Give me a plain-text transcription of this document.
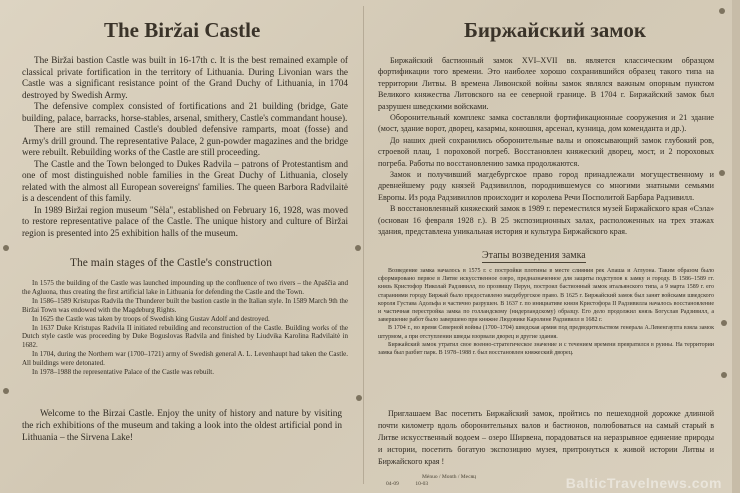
The Biržai Castle

The Biržai bastion Castle was built in 16-17th c. It is the best remained example of classical private fortification in the territory of Lithuania. During Livonian wars the Castle was a significant resistance point of the Grand Duchy of Lithuania, in 1704 destroyed by Swedish Army.

The defensive complex consisted of fortifications and 21 building (bridge, Gate building, palace, barracks, horse-stables, arsenal, smithery, Castle's commandant house).

There are still remained Castle's doubled defensive ramparts, moat (fosse) and Army's drill ground. The representative Palace, 2 gun-powder magazines and the bridge were rebuilt. Rebuilding works of the Castle are still proceeding.

The Castle and the Town belonged to Dukes Radvila – patrons of Protestantism and one of most distinguished noble families in the Great Duchy of Lithuania, closely related with the almost all European sovereigns' families. The queen Barbora Radvilaitė is a descendent of this family.

In 1989 Biržai region museum "Sėla", established on February 16, 1928, was moved to restore representative palace of the Castle. The unique history and culture of Biržai region is presented into 25 exhibition halls of the museum.

The main stages of the Castle's construction

In 1575 the building of the Castle was launched impounding up the confluence of two rivers – the Apaščia and the Agluona, thus creating the first artificial lake in Lithuania for defending the Castle and the Town.

In 1586–1589 Kristupas Radvila the Thunderer built the bastion castle in the Italian style. In 1589 March 9th the Biržai Town was endowed with the Magdeburg Rights.

In 1625 the Castle was taken by troops of Swedish king Gustav Adolf and destroyed.

In 1637 Duke Kristupas Radvila II initiated rebuilding and reconstruction of the Castle. Building works of the Dutch style castle was proceeding by Duke Boguslovas Radvila and finished by Liudvika Karolina Radvilaitė in 1682.

In 1704, during the Northern war (1700–1721) army of Swedish general A. L. Levenhaupt had taken the Castle. All buildings were detonated.

In 1978–1988 the representative Palace of the Castle was rebuilt.

Welcome to the Birzai Castle. Enjoy the unity of history and nature by visiting the rich exhibitions of the museum and taking a look into the oldest artificial pond in Lithuania – the Sirvena Lake!
Биржайский замок

Биржайский бастионный замок XVI–XVII вв. является классическим образцом фортификации того времени. Это наиболее хорошо сохранившийся образец такого типа на территории Литвы. В времена Ливонской войны замок являлся важным опорным пунктом Великого княжества Литовского на ее северной границе. В 1704 г. Биржайский замок был разрушен шведскими войсками.

Оборонительный комплекс замка составляли фортификационные сооружения и 21 здание (мост, здание ворот, дворец, казармы, конюшня, арсенал, кузница, дом коменданта и др.).

До наших дней сохранились оборонительные валы и опоясывающий замок глубокий ров, строевой плац, 1 пороховой погреб. Восстановлен княжеский дворец, мост, и 2 пороховых погреба. Работы по восстановлению замка продолжаются.

Замок и получивший магдебургское право город принадлежали могущественному и древнейшему роду князей Радзивиллов, породнившемуся со многими знатными семьями Европы. Из рода Радзивиллов происходит и королева Речи Посполитой Барбара Радзивилл.

В восстановленный княжеский замок в 1989 г. переместился музей Биржайского края «Сэла» (основан 16 февраля 1928 г.). В 25 экспозиционных залах, расположенных на трех этажах здания, представлена уникальная история и культура Биржайского края.

Этапы возведения замка

Возведение замка началось в 1575 г. с постройки плотины в месте слияния рек Апаша и Аглуона. Таким образом было сформировано первое в Литве искусственное озеро, предназначенное для защиты подступов к замку и городу. В 1586–1589 гг. князь Кристофор Николай Радзивилл, по прозвищу Перун, построил бастионный замок итальянского типа, а 9 марта 1589 г. его стараниями городу Биржай было предоставлено магдебургское право. В 1625 г. Биржайский замок был занят войсками шведского короля Густава Адольфа и частично разрушен. В 1637 г. по инициативе князя Кристофора II Радзивилла началось восстановление и частичная перестройка замка по голландскому (нидерландскому) образцу. Его дело продолжил князь Богуслав Радзивилл, а завершение работ было завершено при княжне Людовике Каролине Радзивилл в 1682 г.

В 1704 г., во время Северной войны (1700–1704) шведская армия под предводительством генерала А.Левенгаупта взяла замок штурмом, а при отступлении шведы взорвали дворец и другие здания.

Биржайский замок утратил свое военно-стратегическое значение и с течением времени превратился в руины. На территории замка был разбит парк. В 1978–1988 г. был восстановлен княжеский дворец.

Приглашаем Вас посетить Биржайский замок, пройтись по пешеходной дорожке длинной почти километр вдоль оборонительных валов и бастионов, полюбоваться на самый старый в Литве искусственный водоем – озеро Ширвена, порадоваться на неразрывное единение природы и истории, посетить богатую экспозицию музея, притронуться к живой истории Литвы и Биржайского края !

Mėnuo / Month / Месяц
04-09            10-03	BalticTravelnews.com
